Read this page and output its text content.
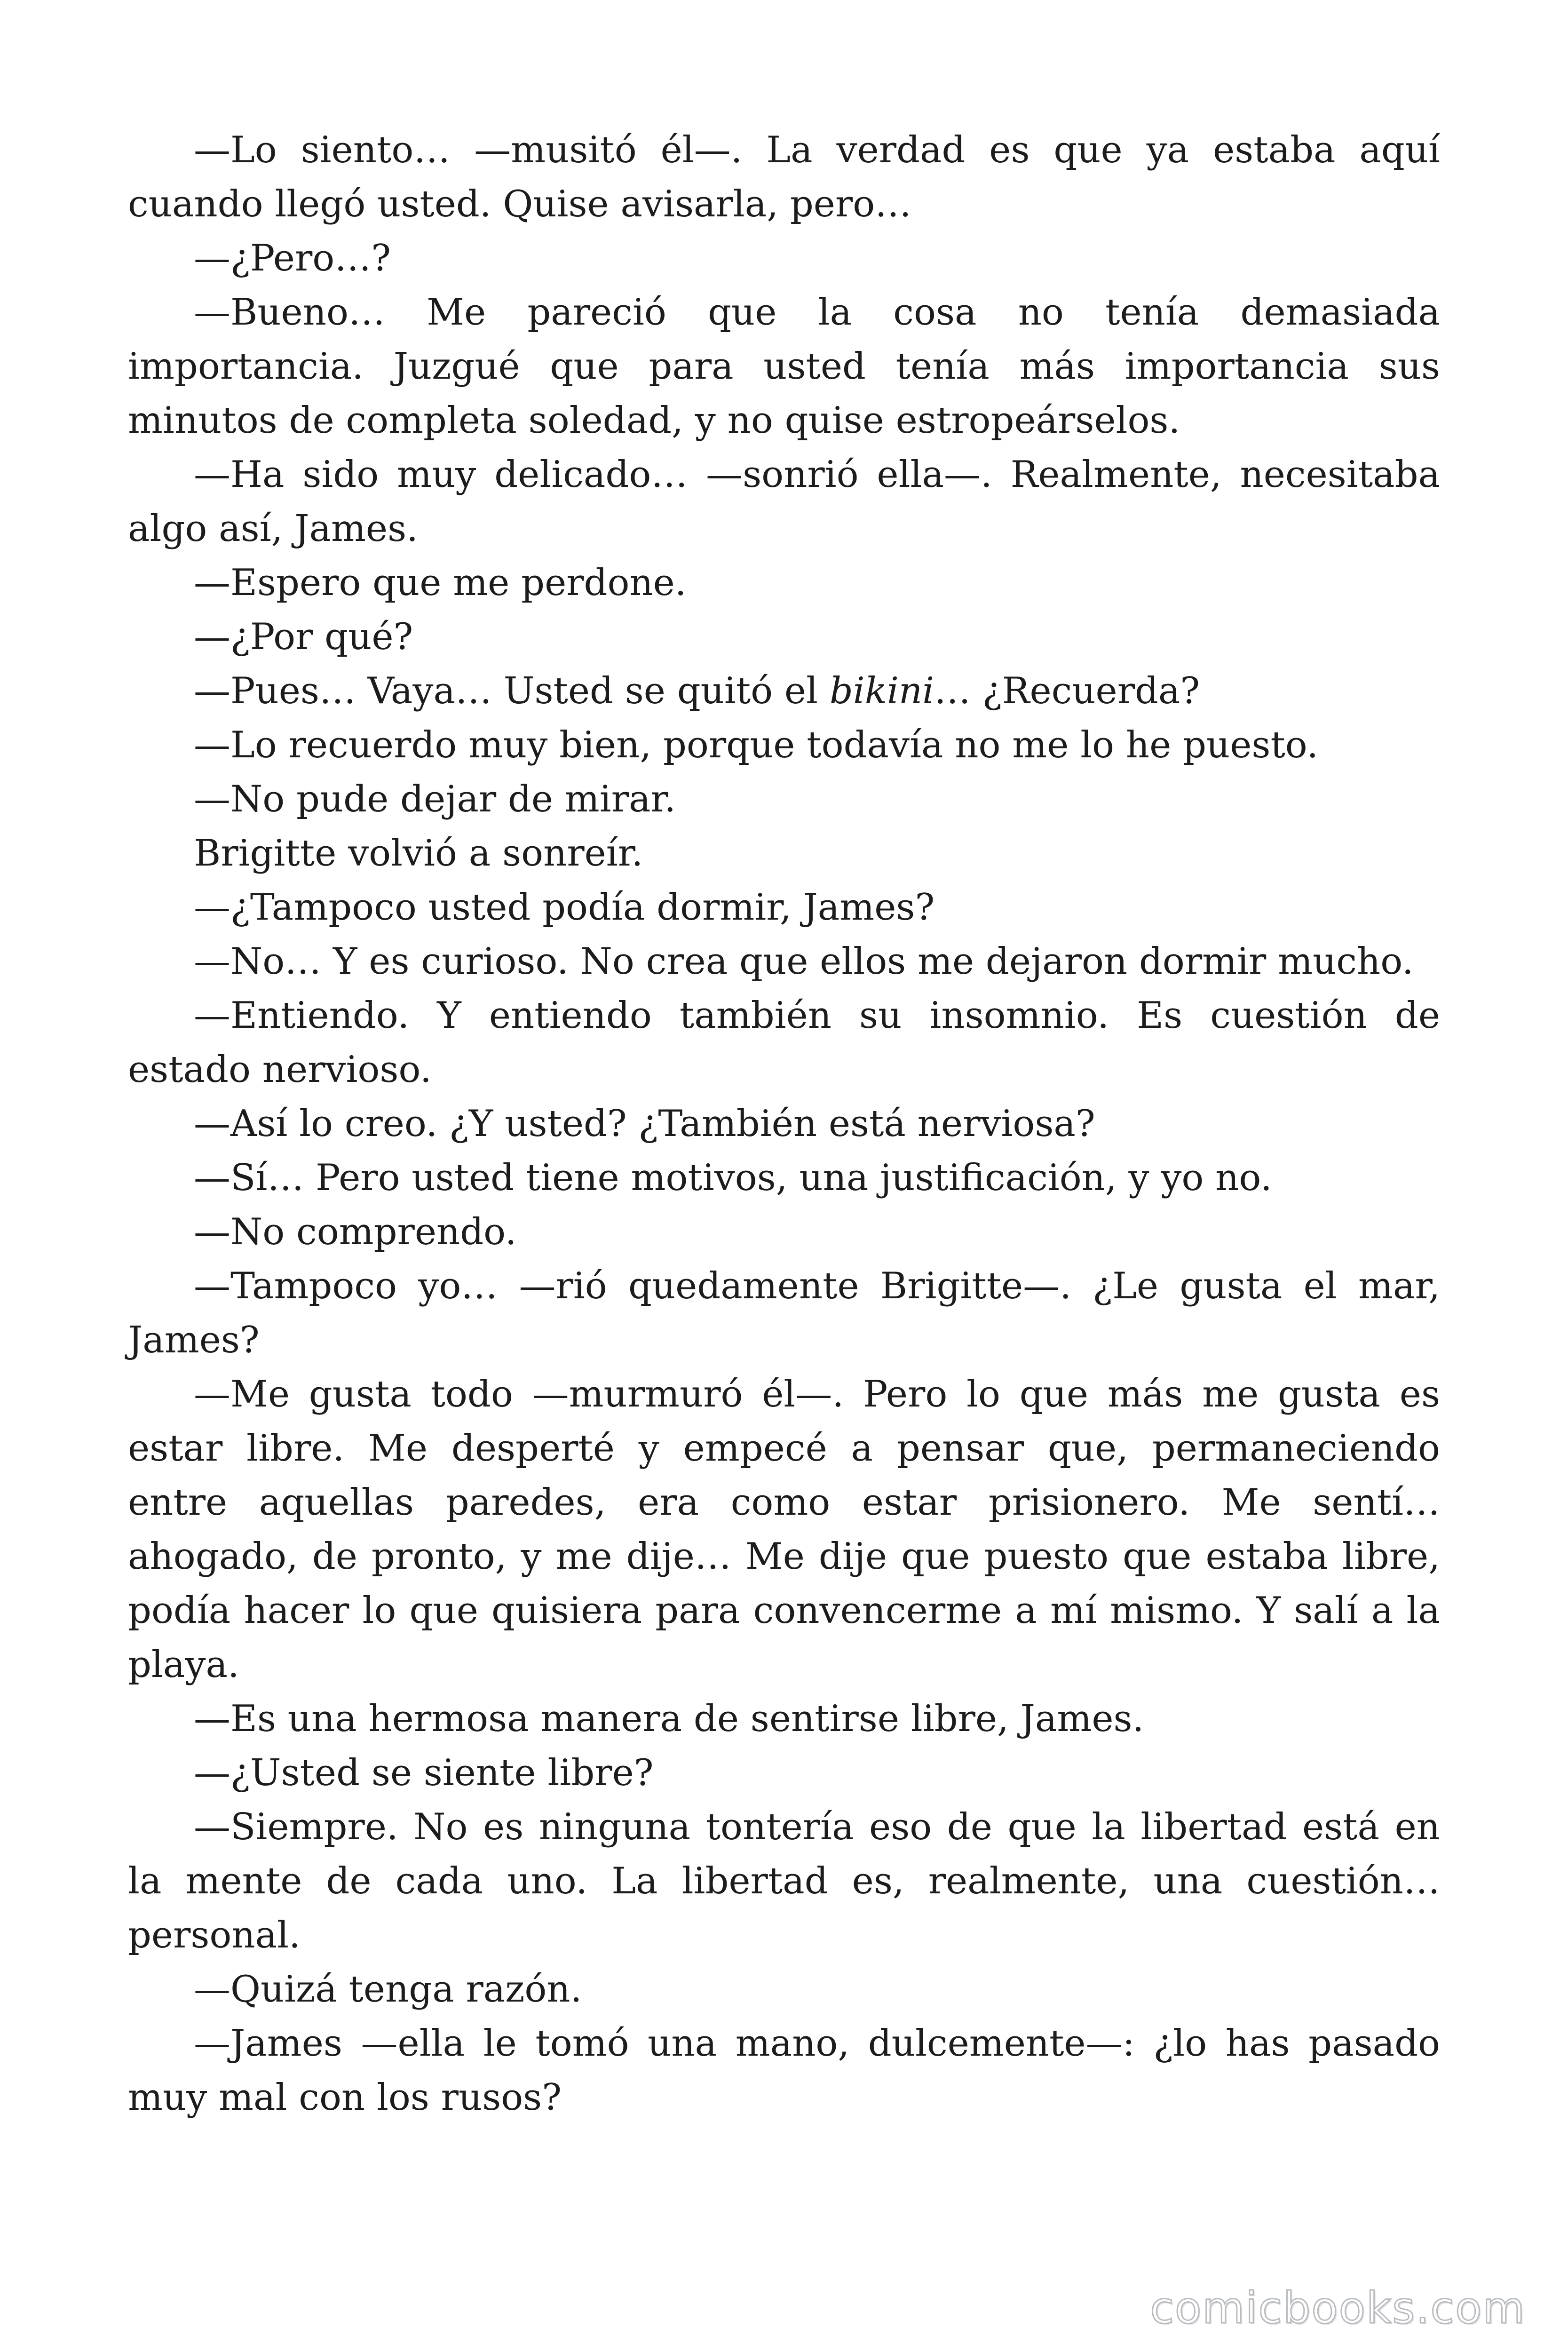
—Lo siento… —musitó él—. La verdad es que ya estaba aquí cuando llegó usted. Quise avisarla, pero…

—¿Pero…?

—Bueno… Me pareció que la cosa no tenía demasiada importancia. Juzgué que para usted tenía más importancia sus minutos de completa soledad, y no quise estropeárselos.

—Ha sido muy delicado… —sonrió ella—. Realmente, necesitaba algo así, James.

—Espero que me perdone.

—¿Por qué?

—Pues… Vaya… Usted se quitó el bikini… ¿Recuerda?

—Lo recuerdo muy bien, porque todavía no me lo he puesto.

—No pude dejar de mirar.

Brigitte volvió a sonreír.

—¿Tampoco usted podía dormir, James?

—No… Y es curioso. No crea que ellos me dejaron dormir mucho.

—Entiendo. Y entiendo también su insomnio. Es cuestión de estado nervioso.

—Así lo creo. ¿Y usted? ¿También está nerviosa?

—Sí… Pero usted tiene motivos, una justificación, y yo no.

—No comprendo.

—Tampoco yo… —rió quedamente Brigitte—. ¿Le gusta el mar, James?

—Me gusta todo —murmuró él—. Pero lo que más me gusta es estar libre. Me desperté y empecé a pensar que, permaneciendo entre aquellas paredes, era como estar prisionero. Me sentí… ahogado, de pronto, y me dije… Me dije que puesto que estaba libre, podía hacer lo que quisiera para convencerme a mí mismo. Y salí a la playa.

—Es una hermosa manera de sentirse libre, James.

—¿Usted se siente libre?

—Siempre. No es ninguna tontería eso de que la libertad está en la mente de cada uno. La libertad es, realmente, una cuestión… personal.

—Quizá tenga razón.

—James —ella le tomó una mano, dulcemente—: ¿lo has pasado muy mal con los rusos?

comicbooks.com
